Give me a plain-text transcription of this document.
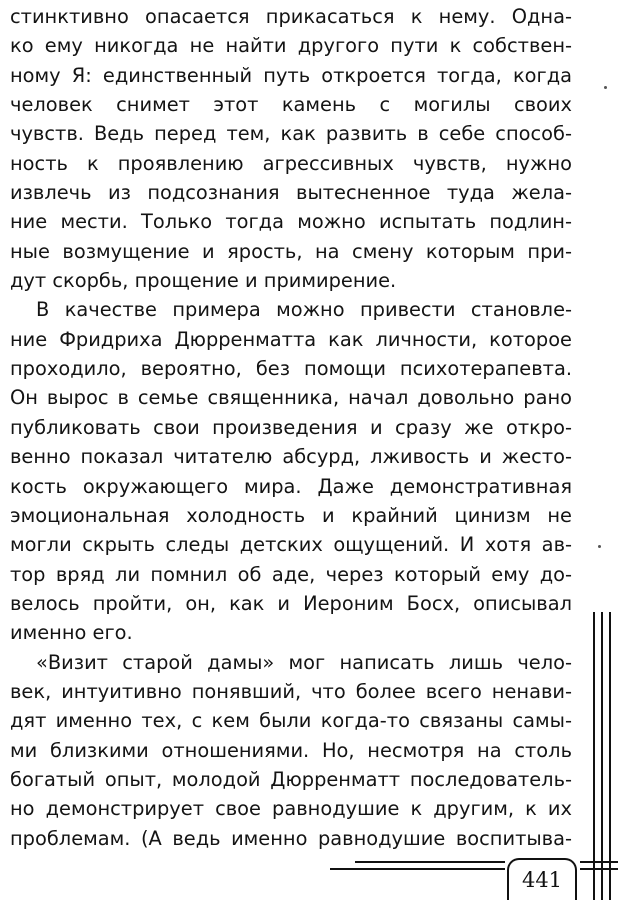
стинктивно опасается прикасаться к нему. Одна-
ко ему никогда не найти другого пути к собствен-
ному Я: единственный путь откроется тогда, когда
человек снимет этот камень с могилы своих
чувств. Ведь перед тем, как развить в себе способ-
ность к проявлению агрессивных чувств, нужно
извлечь из подсознания вытесненное туда жела-
ние мести. Только тогда можно испытать подлин-
ные возмущение и ярость, на смену которым при-
дут скорбь, прощение и примирение.
В качестве примера можно привести становле-
ние Фридриха Дюрренматта как личности, которое
проходило, вероятно, без помощи психотерапевта.
Он вырос в семье священника, начал довольно рано
публиковать свои произведения и сразу же откро-
венно показал читателю абсурд, лживость и жесто-
кость окружающего мира. Даже демонстративная
эмоциональная холодность и крайний цинизм не
могли скрыть следы детских ощущений. И хотя ав-
тор вряд ли помнил об аде, через который ему до-
велось пройти, он, как и Иероним Босх, описывал
именно его.
«Визит старой дамы» мог написать лишь чело-
век, интуитивно понявший, что более всего ненави-
дят именно тех, с кем были когда-то связаны самы-
ми близкими отношениями. Но, несмотря на столь
богатый опыт, молодой Дюрренматт последователь-
но демонстрирует свое равнодушие к другим, к их
проблемам. (А ведь именно равнодушие воспитыва-
441
